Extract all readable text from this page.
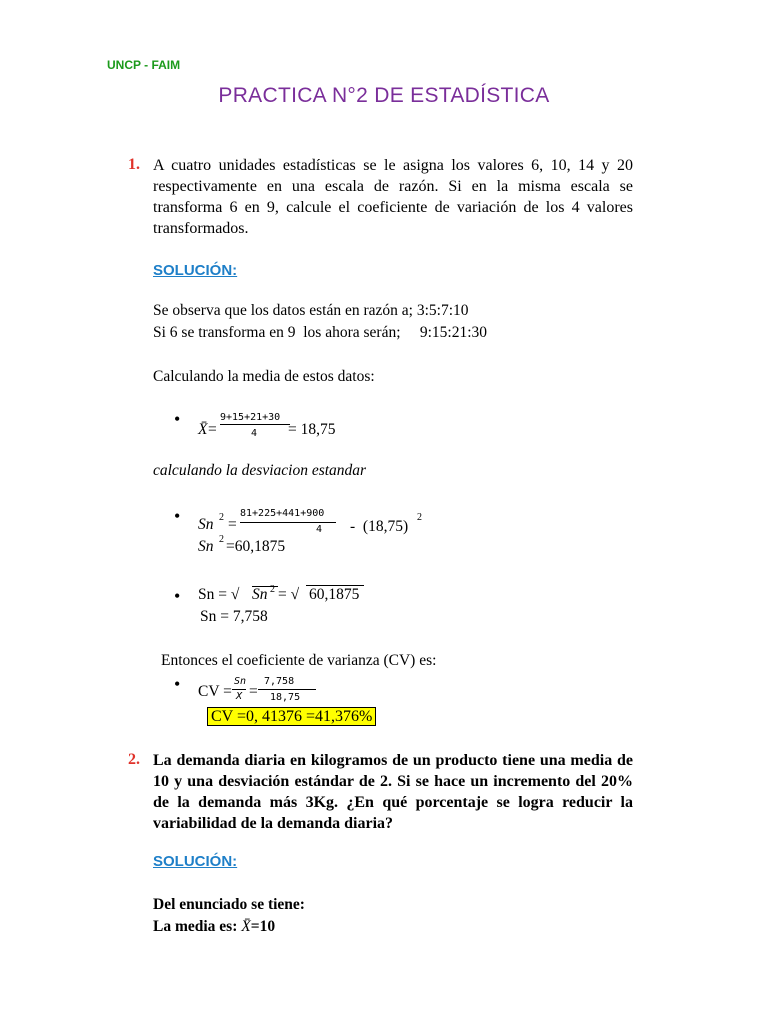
UNCP - FAIM
PRACTICA N°2 DE ESTADÍSTICA
1. A cuatro unidades estadísticas se le asigna los valores 6, 10, 14 y 20 respectivamente en una escala de razón. Si en la misma escala se transforma 6 en 9, calcule el coeficiente de variación de los 4 valores transformados.
SOLUCIÓN:
Se observa que los datos están en razón a; 3:5:7:10
Si 6 se transforma en 9  los ahora serán;     9:15:21:30
Calculando la media de estos datos:
•
X̄ =
9+15+21+30
4 = 18,75
calculando la desviacion estandar
• Sn 2 =
81+225+441+900
4 -  (18,75)
2
Sn 2 =60,1875
• Sn = √ Sn 2 = √ 60,1875
Sn = 7,758
Entonces el coeficiente de varianza (CV) es:
• CV =
Sn
X =
7,758
18,75
CV =0, 41376 =41,376%
2. La demanda diaria en kilogramos de un producto tiene una media de 10 y una desviación estándar de 2. Si se hace un incremento del 20% de la demanda más 3Kg. ¿En qué porcentaje se logra reducir la variabilidad de la demanda diaria?
SOLUCIÓN:
Del enunciado se tiene:
La media es: X̄=10
